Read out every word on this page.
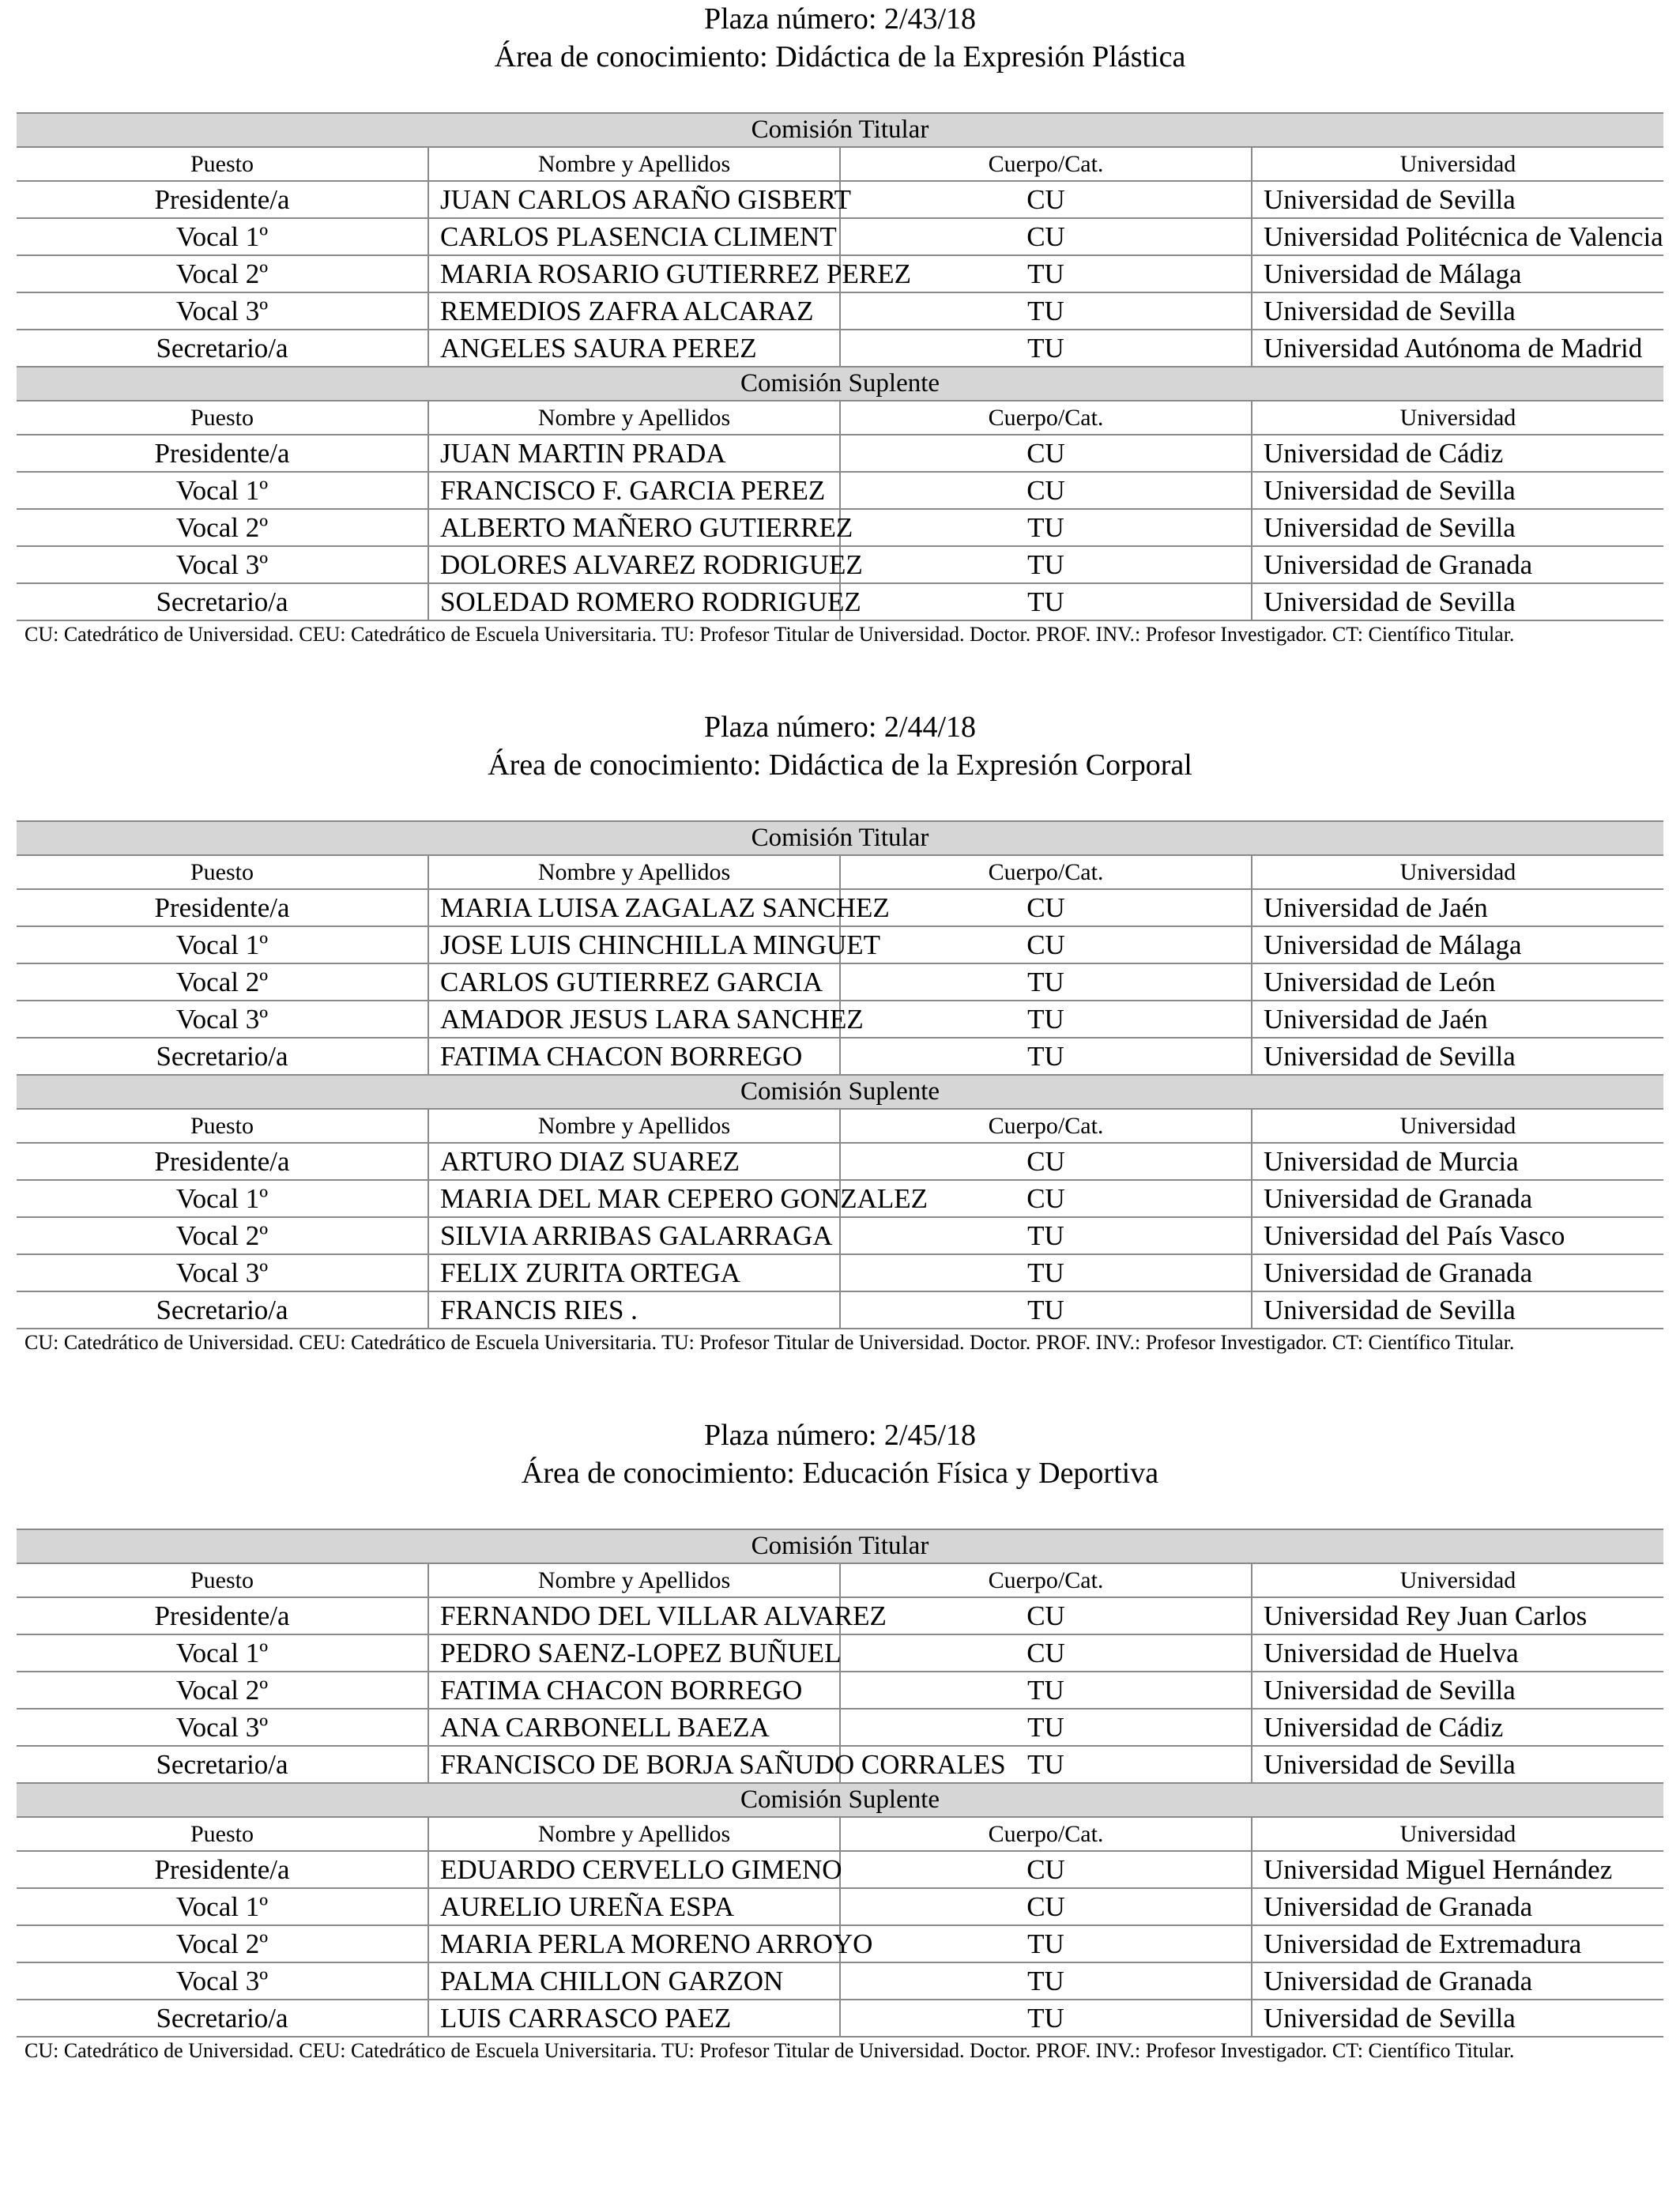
Plaza número: 2/43/18
Área de conocimiento: Didáctica de la Expresión Plástica
Comisión Titular			
Puesto	Nombre y Apellidos	Cuerpo/Cat.	Universidad
Presidente/a	JUAN CARLOS ARAÑO GISBERT	CU	Universidad de Sevilla
Vocal 1º	CARLOS PLASENCIA CLIMENT	CU	Universidad Politécnica de Valencia
Vocal 2º	MARIA ROSARIO GUTIERREZ PEREZ	TU	Universidad de Málaga
Vocal 3º	REMEDIOS ZAFRA ALCARAZ	TU	Universidad de Sevilla
Secretario/a	ANGELES SAURA PEREZ	TU	Universidad Autónoma de Madrid
Comisión Suplente			
Puesto	Nombre y Apellidos	Cuerpo/Cat.	Universidad
Presidente/a	JUAN MARTIN PRADA	CU	Universidad de Cádiz
Vocal 1º	FRANCISCO F. GARCIA PEREZ	CU	Universidad de Sevilla
Vocal 2º	ALBERTO MAÑERO GUTIERREZ	TU	Universidad de Sevilla
Vocal 3º	DOLORES ALVAREZ RODRIGUEZ	TU	Universidad de Granada
Secretario/a	SOLEDAD ROMERO RODRIGUEZ	TU	Universidad de Sevilla
CU: Catedrático de Universidad. CEU: Catedrático de Escuela Universitaria. TU: Profesor Titular de Universidad. Doctor. PROF. INV.: Profesor Investigador. CT: Científico Titular.
Plaza número: 2/44/18
Área de conocimiento: Didáctica de la Expresión Corporal
Comisión Titular			
Puesto	Nombre y Apellidos	Cuerpo/Cat.	Universidad
Presidente/a	MARIA LUISA ZAGALAZ SANCHEZ	CU	Universidad de Jaén
Vocal 1º	JOSE LUIS CHINCHILLA MINGUET	CU	Universidad de Málaga
Vocal 2º	CARLOS GUTIERREZ GARCIA	TU	Universidad de León
Vocal 3º	AMADOR JESUS LARA SANCHEZ	TU	Universidad de Jaén
Secretario/a	FATIMA CHACON BORREGO	TU	Universidad de Sevilla
Comisión Suplente			
Puesto	Nombre y Apellidos	Cuerpo/Cat.	Universidad
Presidente/a	ARTURO DIAZ SUAREZ	CU	Universidad de Murcia
Vocal 1º	MARIA DEL MAR CEPERO GONZALEZ	CU	Universidad de Granada
Vocal 2º	SILVIA ARRIBAS GALARRAGA	TU	Universidad del País Vasco
Vocal 3º	FELIX ZURITA ORTEGA	TU	Universidad de Granada
Secretario/a	FRANCIS RIES .	TU	Universidad de Sevilla
CU: Catedrático de Universidad. CEU: Catedrático de Escuela Universitaria. TU: Profesor Titular de Universidad. Doctor. PROF. INV.: Profesor Investigador. CT: Científico Titular.
Plaza número: 2/45/18
Área de conocimiento: Educación Física y Deportiva
Comisión Titular			
Puesto	Nombre y Apellidos	Cuerpo/Cat.	Universidad
Presidente/a	FERNANDO DEL VILLAR ALVAREZ	CU	Universidad Rey Juan Carlos
Vocal 1º	PEDRO SAENZ-LOPEZ BUÑUEL	CU	Universidad de Huelva
Vocal 2º	FATIMA CHACON BORREGO	TU	Universidad de Sevilla
Vocal 3º	ANA CARBONELL BAEZA	TU	Universidad de Cádiz
Secretario/a	FRANCISCO DE BORJA SAÑUDO CORRALES	TU	Universidad de Sevilla
Comisión Suplente			
Puesto	Nombre y Apellidos	Cuerpo/Cat.	Universidad
Presidente/a	EDUARDO CERVELLO GIMENO	CU	Universidad Miguel Hernández
Vocal 1º	AURELIO UREÑA ESPA	CU	Universidad de Granada
Vocal 2º	MARIA PERLA MORENO ARROYO	TU	Universidad de Extremadura
Vocal 3º	PALMA CHILLON GARZON	TU	Universidad de Granada
Secretario/a	LUIS CARRASCO PAEZ	TU	Universidad de Sevilla
CU: Catedrático de Universidad. CEU: Catedrático de Escuela Universitaria. TU: Profesor Titular de Universidad. Doctor. PROF. INV.: Profesor Investigador. CT: Científico Titular.
